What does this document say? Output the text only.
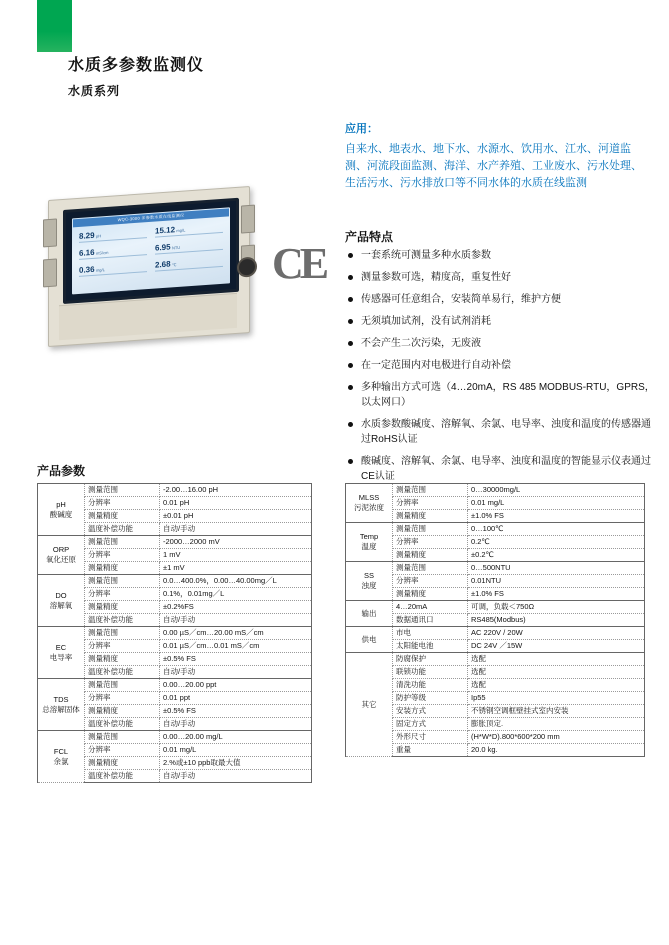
水质多参数监测仪
水质系列
WQC-3000 多参数水质在线监测仪
8.29 pH
15.12 mg/L
6.16 mS/cm
6.95 NTU
0.36 mg/L
2.68 ℃	CE
应用：
自来水、地表水、地下水、水源水、饮用水、江水、河道监测、河流段面监测、海洋、水产养殖、工业废水、污水处理、生活污水、污水排放口等不同水体的水质在线监测
产品特点
一套系统可测量多种水质参数
测量参数可选，精度高，重复性好
传感器可任意组合，安装简单易行，维护方便
无须填加试剂，没有试剂消耗
不会产生二次污染，无废液
在一定范围内对电极进行自动补偿
多种输出方式可选（4…20mA，RS 485 MODBUS-RTU，GPRS，以太网口）
水质参数酸碱度、溶解氧、余氯、电导率、浊度和温度的传感器通过RoHS认证
酸碱度、溶解氧、余氯、电导率、浊度和温度的智能显示仪表通过CE认证
产品参数
pH
酸碱度	测量范围	-2.00…16.00 pH
	分辨率	0.01 pH
	测量精度	±0.01 pH
	温度补偿功能	自动/手动
ORP
氧化还原	测量范围	-2000…2000 mV
	分辨率	1 mV
	测量精度	±1 mV
DO
溶解氧	测量范围	0.0…400.0%，0.00…40.00mg／L
	分辨率	0.1%，0.01mg／L
	测量精度	±0.2%FS
	温度补偿功能	自动/手动
EC
电导率	测量范围	0.00 µS／cm…20.00 mS／cm
	分辨率	0.01 µS／cm…0.01 mS／cm
	测量精度	±0.5% FS
	温度补偿功能	自动/手动
TDS
总溶解固体	测量范围	0.00…20.00 ppt
	分辨率	0.01 ppt
	测量精度	±0.5% FS
	温度补偿功能	自动/手动
FCL
余氯	测量范围	0.00…20.00 mg/L
	分辨率	0.01 mg/L
	测量精度	2.%或±10 ppb取最大值
	温度补偿功能	自动/手动
MLSS
污泥浓度	测量范围	0…30000mg/L
	分辨率	0.01 mg/L
	测量精度	±1.0% FS
Temp
温度	测量范围	0…100℃
	分辨率	0.2℃
	测量精度	±0.2℃
SS
浊度	测量范围	0…500NTU
	分辨率	0.01NTU
	测量精度	±1.0% FS
输出	4…20mA	可调，负载＜750Ω
	数据通讯口	RS485(Modbus)
供电	市电	AC 220V / 20W
	太阳能电池	DC 24V ／15W
其它	防腐保护	选配
	联锁功能	选配
	清洗功能	选配
	防护等级	Ip55
	安装方式	不锈钢空调框壁挂式室内安装
	固定方式	膨胀顶定.
	外形尺寸	(H*W*D).800*600*200 mm
	重量	20.0 kg.
